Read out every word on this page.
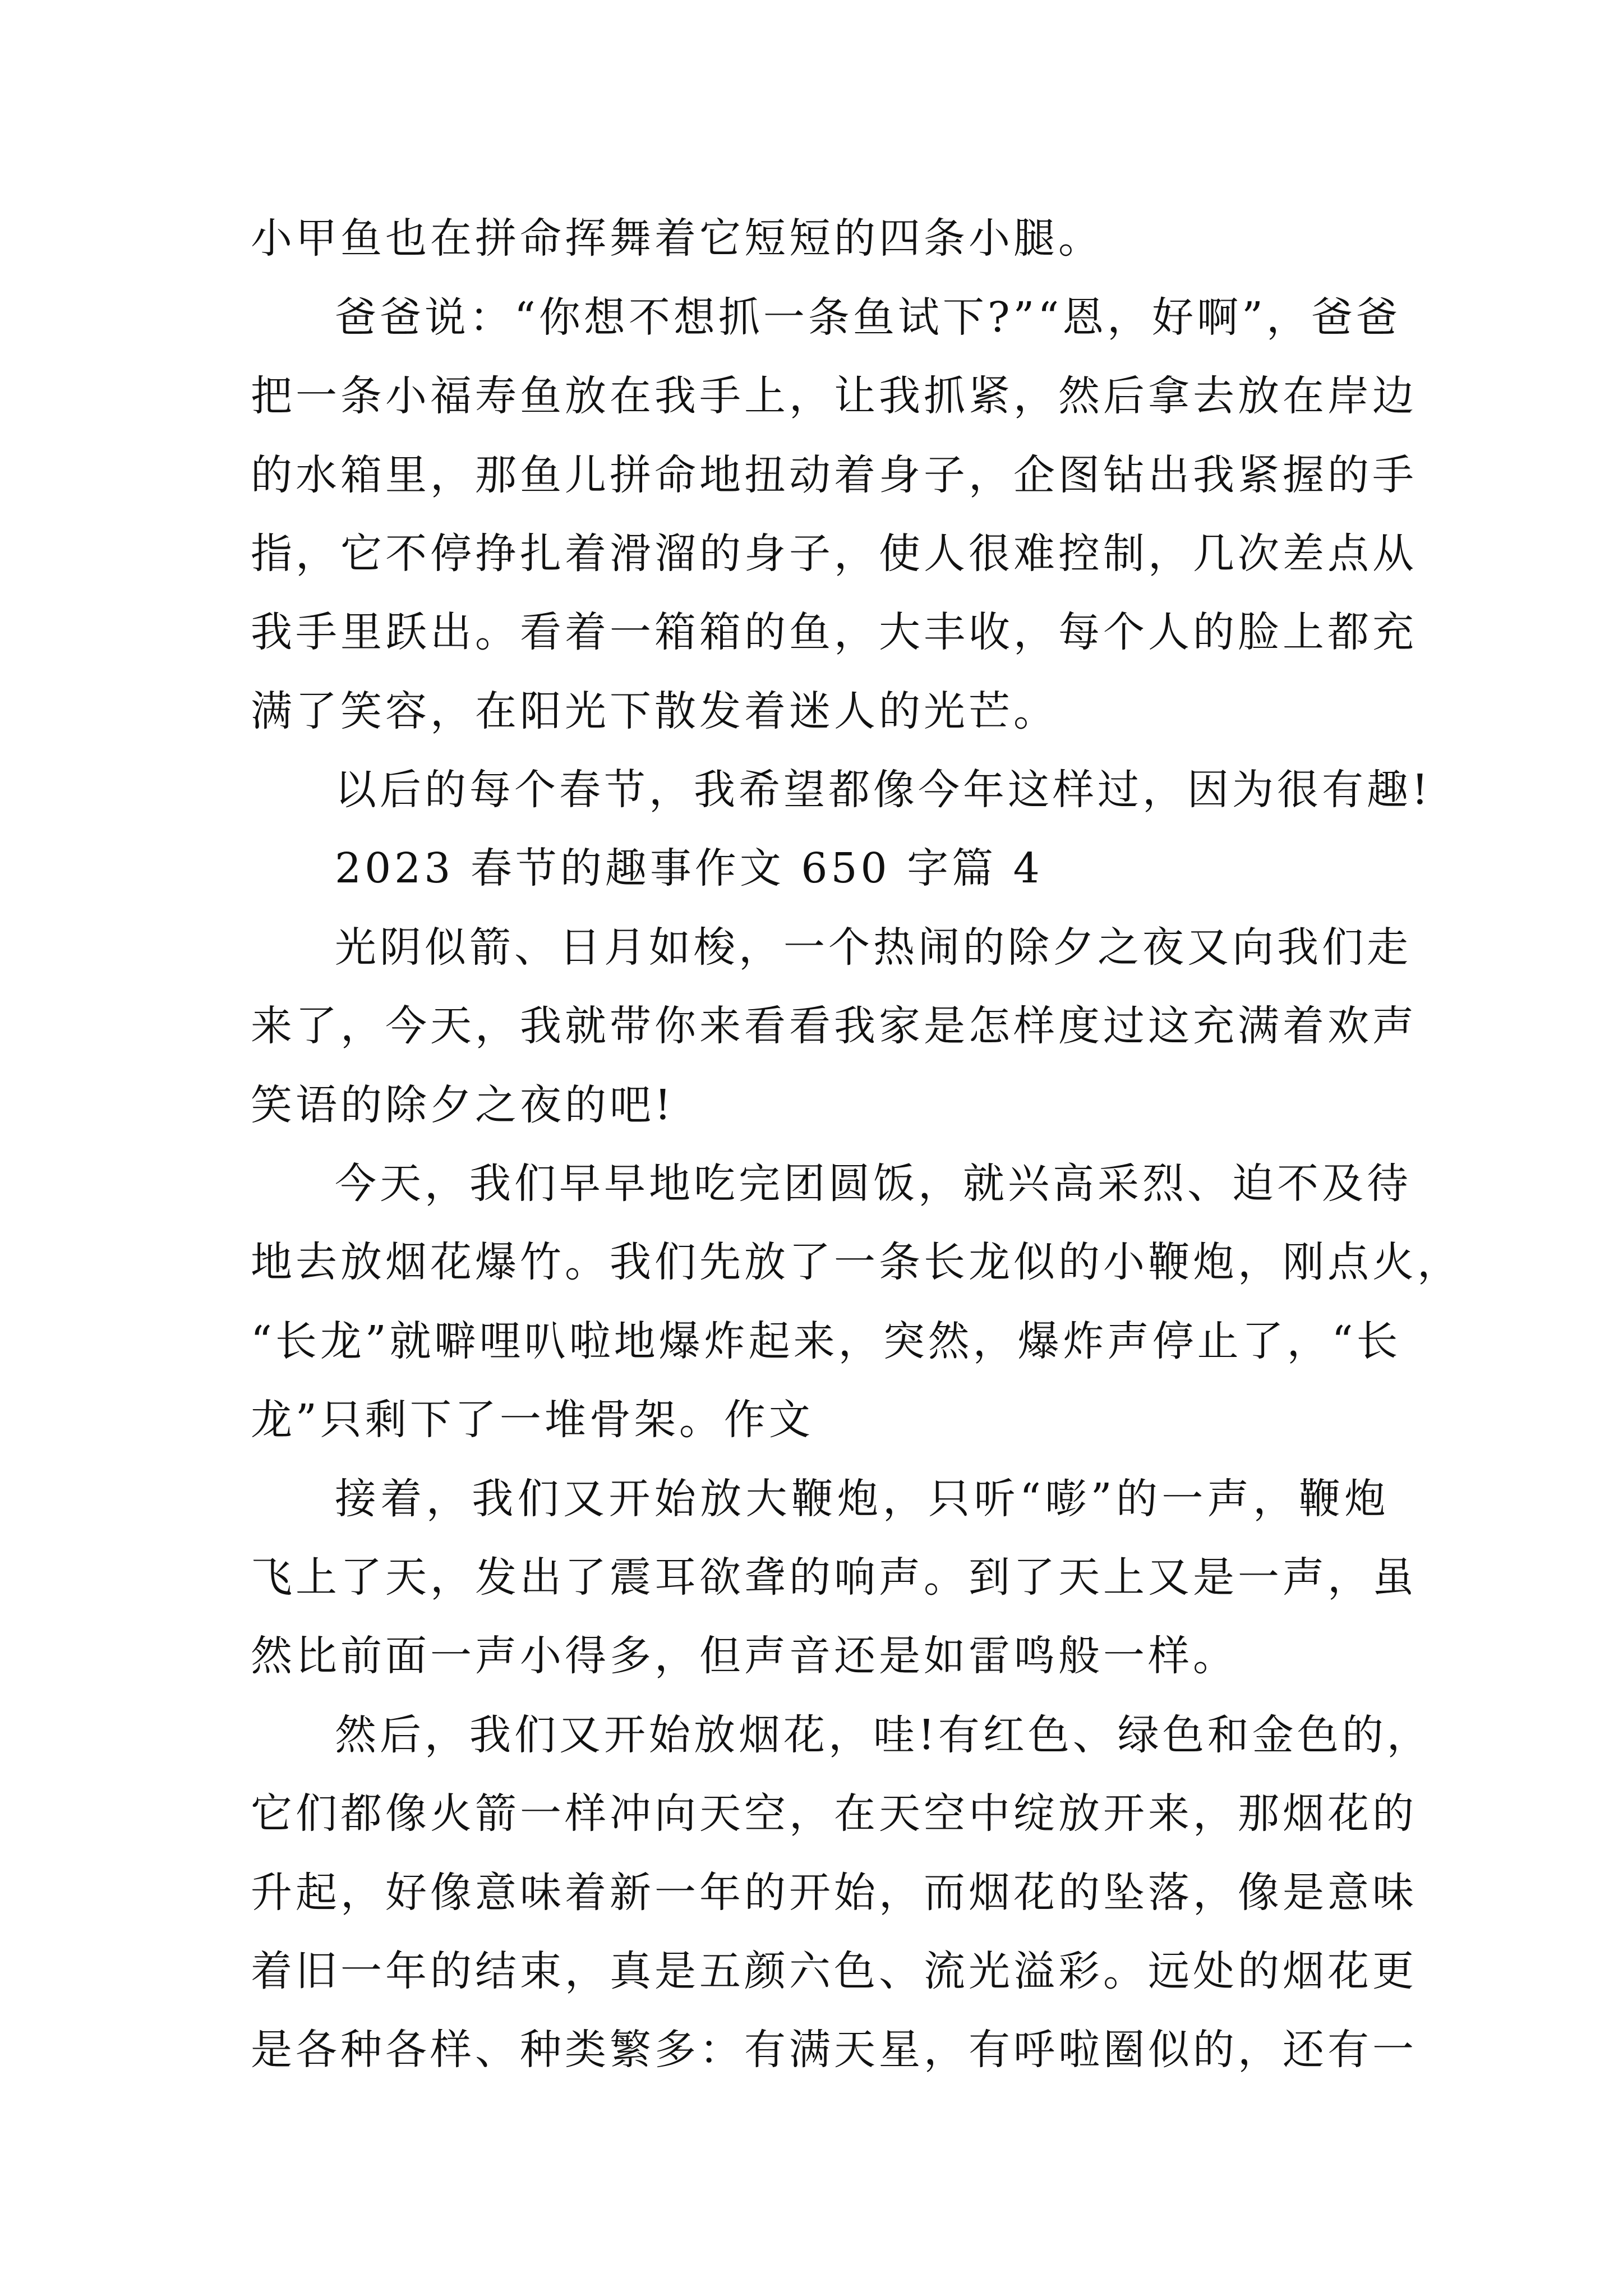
小甲鱼也在拼命挥舞着它短短的四条小腿。
爸爸说：“你想不想抓一条鱼试下?”“恩，好啊”，爸爸
把一条小福寿鱼放在我手上，让我抓紧，然后拿去放在岸边
的水箱里，那鱼儿拼命地扭动着身子，企图钻出我紧握的手
指，它不停挣扎着滑溜的身子，使人很难控制，几次差点从
我手里跃出。看着一箱箱的鱼，大丰收，每个人的脸上都充
满了笑容，在阳光下散发着迷人的光芒。
以后的每个春节，我希望都像今年这样过，因为很有趣!
2023 春节的趣事作文 650 字篇 4
光阴似箭、日月如梭，一个热闹的除夕之夜又向我们走
来了，今天，我就带你来看看我家是怎样度过这充满着欢声
笑语的除夕之夜的吧!
今天，我们早早地吃完团圆饭，就兴高采烈、迫不及待
地去放烟花爆竹。我们先放了一条长龙似的小鞭炮，刚点火，
“长龙”就噼哩叭啦地爆炸起来，突然，爆炸声停止了，“长
龙”只剩下了一堆骨架。作文
接着，我们又开始放大鞭炮，只听“嘭”的一声，鞭炮
飞上了天，发出了震耳欲聋的响声。到了天上又是一声，虽
然比前面一声小得多，但声音还是如雷鸣般一样。
然后，我们又开始放烟花，哇!有红色、绿色和金色的，
它们都像火箭一样冲向天空，在天空中绽放开来，那烟花的
升起，好像意味着新一年的开始，而烟花的坠落，像是意味
着旧一年的结束，真是五颜六色、流光溢彩。远处的烟花更
是各种各样、种类繁多：有满天星，有呼啦圈似的，还有一
